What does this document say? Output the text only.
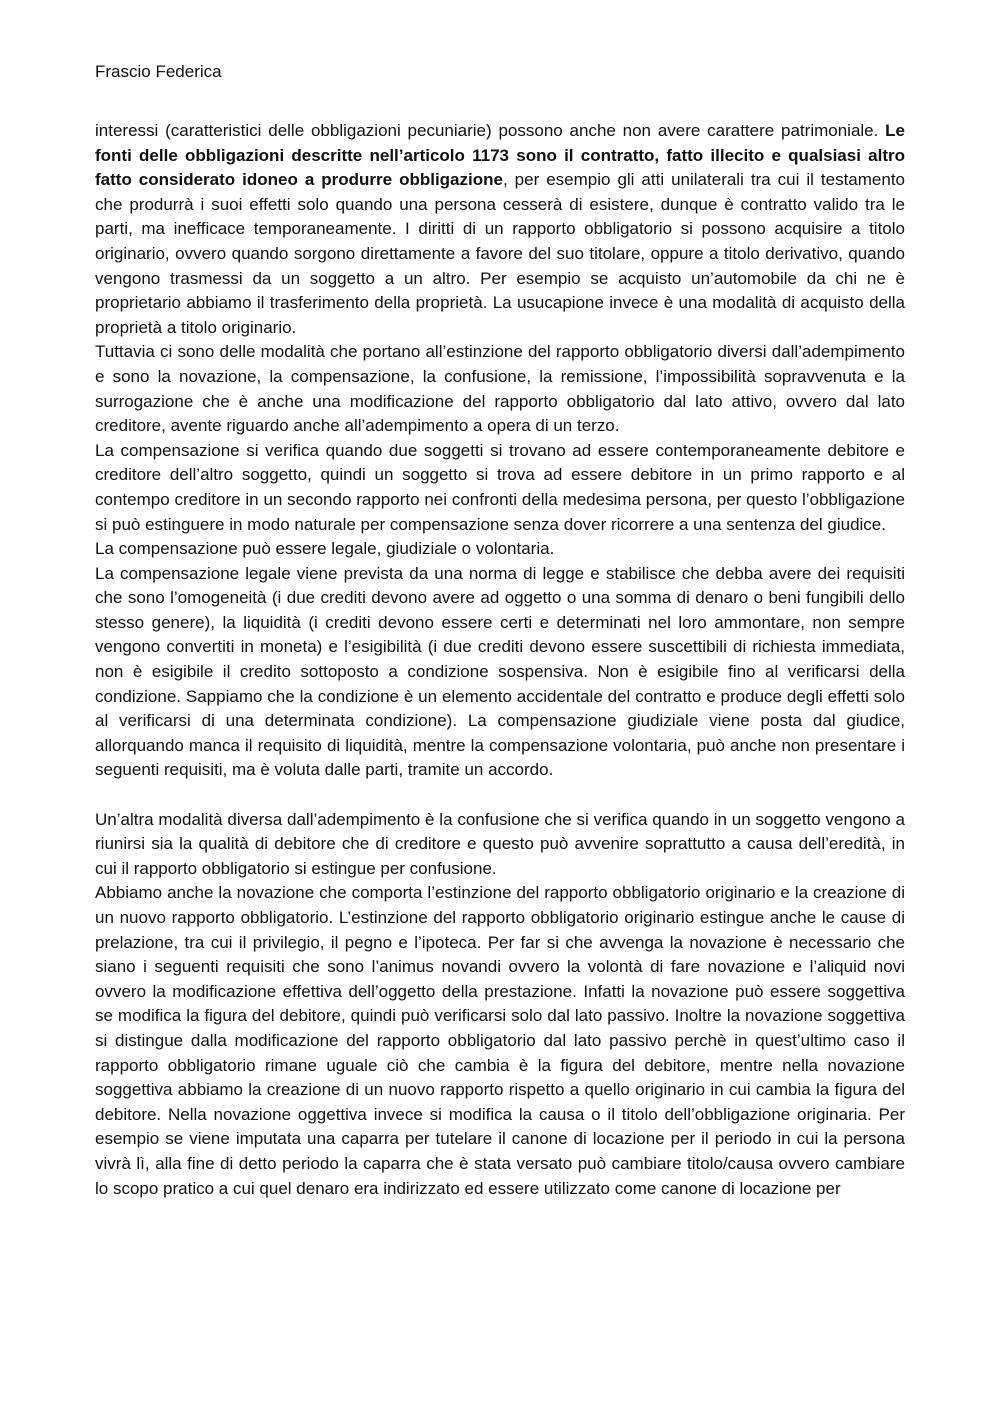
Frascio Federica

interessi (caratteristici delle obbligazioni pecuniarie) possono anche non avere carattere patrimoniale. Le fonti delle obbligazioni descritte nell’articolo 1173 sono il contratto, fatto illecito e qualsiasi altro fatto considerato idoneo a produrre obbligazione, per esempio gli atti unilaterali tra cui il testamento che produrrà i suoi effetti solo quando una persona cesserà di esistere, dunque è contratto valido tra le parti, ma inefficace temporaneamente. I diritti di un rapporto obbligatorio si possono acquisire a titolo originario, ovvero quando sorgono direttamente a favore del suo titolare, oppure a titolo derivativo, quando vengono trasmessi da un soggetto a un altro. Per esempio se acquisto un’automobile da chi ne è proprietario abbiamo il trasferimento della proprietà. La usucapione invece è una modalità di acquisto della proprietà a titolo originario.

Tuttavia ci sono delle modalità che portano all’estinzione del rapporto obbligatorio diversi dall’adempimento e sono la novazione, la compensazione, la confusione, la remissione, l’impossibilità sopravvenuta e la surrogazione che è anche una modificazione del rapporto obbligatorio dal lato attivo, ovvero dal lato creditore, avente riguardo anche all’adempimento a opera di un terzo.

La compensazione si verifica quando due soggetti si trovano ad essere contemporaneamente debitore e creditore dell’altro soggetto, quindi un soggetto si trova ad essere debitore in un primo rapporto e al contempo creditore in un secondo rapporto nei confronti della medesima persona, per questo l’obbligazione si può estinguere in modo naturale per compensazione senza dover ricorrere a una sentenza del giudice.

La compensazione può essere legale, giudiziale o volontaria.

La compensazione legale viene prevista da una norma di legge e stabilisce che debba avere dei requisiti che sono l’omogeneità (i due crediti devono avere ad oggetto o una somma di denaro o beni fungibili dello stesso genere), la liquidità (i crediti devono essere certi e determinati nel loro ammontare, non sempre vengono convertiti in moneta) e l’esigibilità (i due crediti devono essere suscettibili di richiesta immediata, non è esigibile il credito sottoposto a condizione sospensiva. Non è esigibile fino al verificarsi della condizione. Sappiamo che la condizione è un elemento accidentale del contratto e produce degli effetti solo al verificarsi di una determinata condizione). La compensazione giudiziale viene posta dal giudice, allorquando manca il requisito di liquidità, mentre la compensazione volontaria, può anche non presentare i seguenti requisiti, ma è voluta dalle parti, tramite un accordo.

Un’altra modalità diversa dall’adempimento è la confusione che si verifica quando in un soggetto vengono a riunirsi sia la qualità di debitore che di creditore e questo può avvenire soprattutto a causa dell’eredità, in cui il rapporto obbligatorio si estingue per confusione.

Abbiamo anche la novazione che comporta l’estinzione del rapporto obbligatorio originario e la creazione di un nuovo rapporto obbligatorio. L’estinzione del rapporto obbligatorio originario estingue anche le cause di prelazione, tra cui il privilegio, il pegno e l’ipoteca. Per far si che avvenga la novazione è necessario che siano i seguenti requisiti che sono l’animus novandi ovvero la volontà di fare novazione e l’aliquid novi ovvero la modificazione effettiva dell’oggetto della prestazione. Infatti la novazione può essere soggettiva se modifica la figura del debitore, quindi può verificarsi solo dal lato passivo. Inoltre la novazione soggettiva si distingue dalla modificazione del rapporto obbligatorio dal lato passivo perchè in quest’ultimo caso il rapporto obbligatorio rimane uguale ciò che cambia è la figura del debitore, mentre nella novazione soggettiva abbiamo la creazione di un nuovo rapporto rispetto a quello originario in cui cambia la figura del debitore. Nella novazione oggettiva invece si modifica la causa o il titolo dell’obbligazione originaria. Per esempio se viene imputata una caparra per tutelare il canone di locazione per il periodo in cui la persona vivrà lì, alla fine di detto periodo la caparra che è stata versato può cambiare titolo/causa ovvero cambiare lo scopo pratico a cui quel denaro era indirizzato ed essere utilizzato come canone di locazione per
